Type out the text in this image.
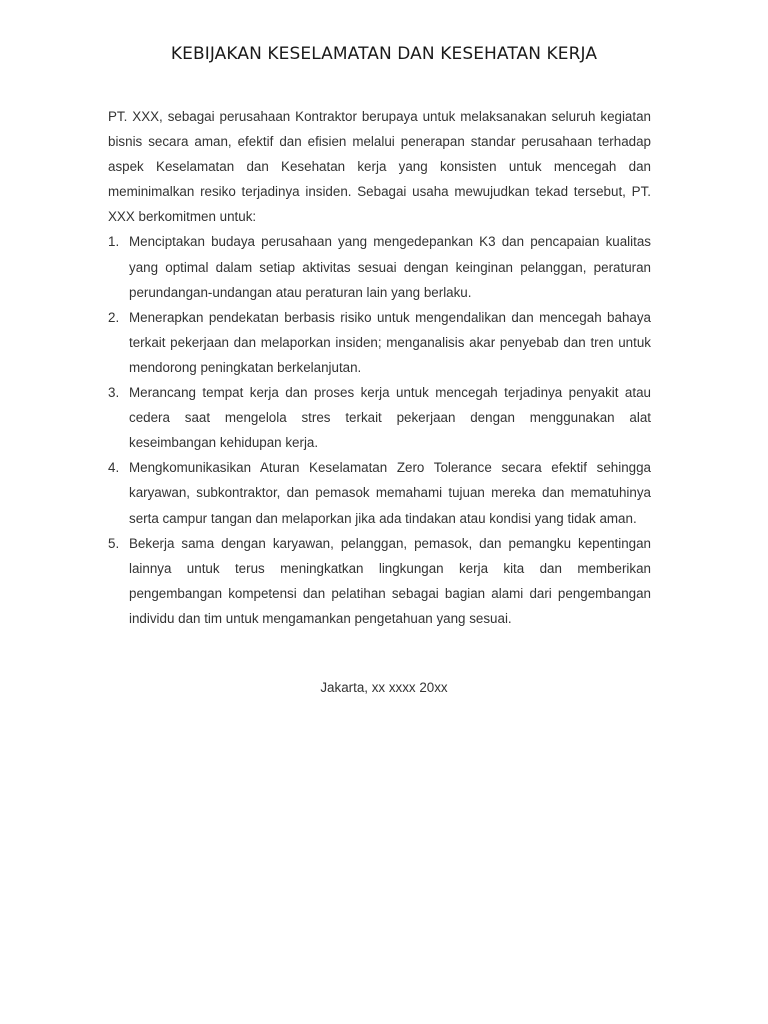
KEBIJAKAN KESELAMATAN DAN KESEHATAN KERJA

PT. XXX, sebagai perusahaan Kontraktor berupaya untuk melaksanakan seluruh kegiatan bisnis secara aman, efektif dan efisien melalui penerapan standar perusahaan terhadap aspek Keselamatan dan Kesehatan kerja yang konsisten untuk mencegah dan meminimalkan resiko terjadinya insiden. Sebagai usaha mewujudkan tekad tersebut, PT. XXX berkomitmen untuk:

1. Menciptakan budaya perusahaan yang mengedepankan K3 dan pencapaian kualitas yang optimal dalam setiap aktivitas sesuai dengan keinginan pelanggan, peraturan perundangan-undangan atau peraturan lain yang berlaku.
2. Menerapkan pendekatan berbasis risiko untuk mengendalikan dan mencegah bahaya terkait pekerjaan dan melaporkan insiden; menganalisis akar penyebab dan tren untuk mendorong peningkatan berkelanjutan.
3. Merancang tempat kerja dan proses kerja untuk mencegah terjadinya penyakit atau cedera saat mengelola stres terkait pekerjaan dengan menggunakan alat keseimbangan kehidupan kerja.
4. Mengkomunikasikan Aturan Keselamatan Zero Tolerance secara efektif sehingga karyawan, subkontraktor, dan pemasok memahami tujuan mereka dan mematuhinya serta campur tangan dan melaporkan jika ada tindakan atau kondisi yang tidak aman.
5. Bekerja sama dengan karyawan, pelanggan, pemasok, dan pemangku kepentingan lainnya untuk terus meningkatkan lingkungan kerja kita dan memberikan pengembangan kompetensi dan pelatihan sebagai bagian alami dari pengembangan individu dan tim untuk mengamankan pengetahuan yang sesuai.
Jakarta, xx xxxx 20xx
